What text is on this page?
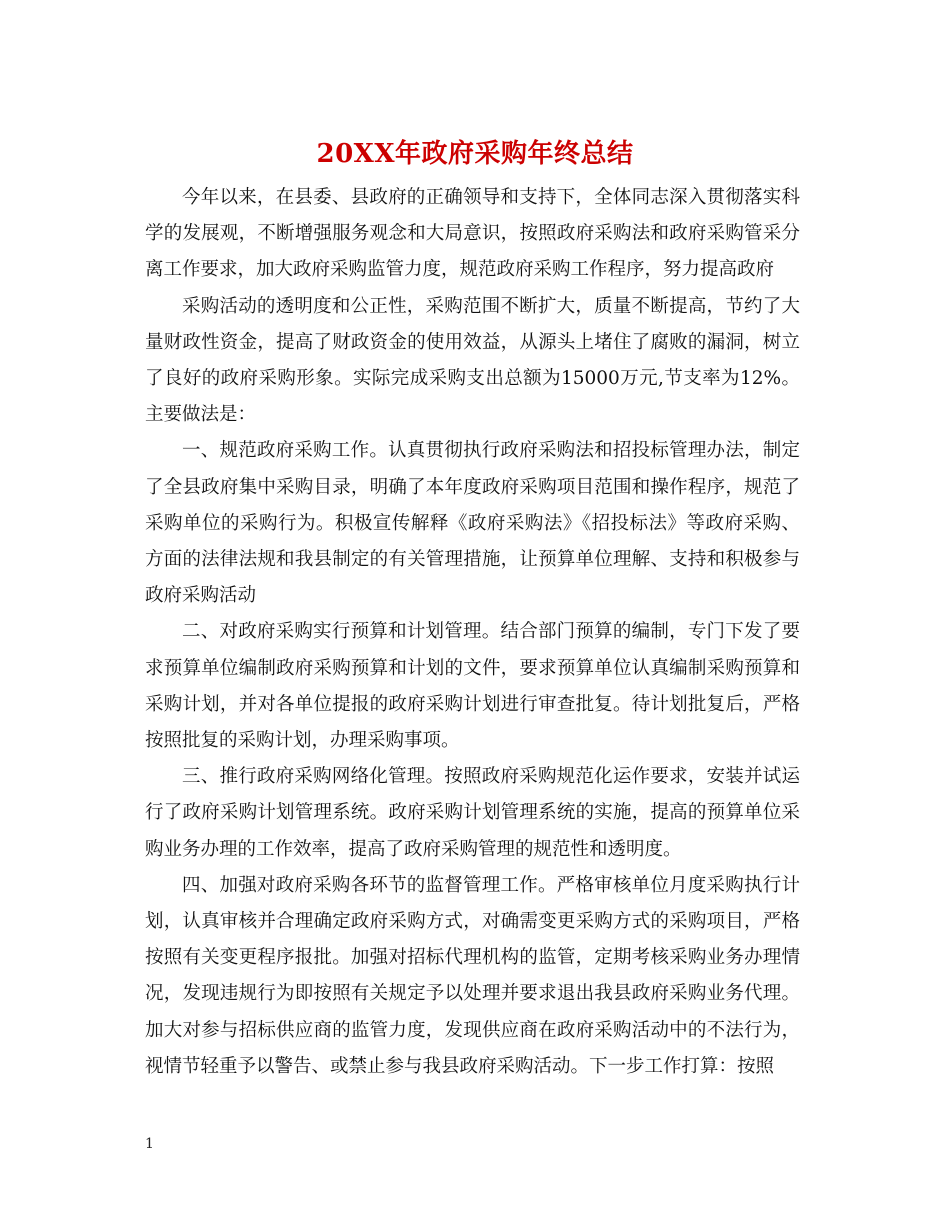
20XX年政府采购年终总结

今年以来，在县委、县政府的正确领导和支持下，全体同志深入贯彻落实科学的发展观，不断增强服务观念和大局意识，按照政府采购法和政府采购管采分离工作要求，加大政府采购监管力度，规范政府采购工作程序，努力提高政府

采购活动的透明度和公正性，采购范围不断扩大，质量不断提高，节约了大量财政性资金，提高了财政资金的使用效益，从源头上堵住了腐败的漏洞，树立了良好的政府采购形象。实际完成采购支出总额为15000万元,节支率为12%。主要做法是：

一、规范政府采购工作。认真贯彻执行政府采购法和招投标管理办法，制定了全县政府集中采购目录，明确了本年度政府采购项目范围和操作程序，规范了采购单位的采购行为。积极宣传解释《政府采购法》《招投标法》等政府采购、方面的法律法规和我县制定的有关管理措施，让预算单位理解、支持和积极参与政府采购活动

二、对政府采购实行预算和计划管理。结合部门预算的编制，专门下发了要求预算单位编制政府采购预算和计划的文件，要求预算单位认真编制采购预算和采购计划，并对各单位提报的政府采购计划进行审查批复。待计划批复后，严格按照批复的采购计划，办理采购事项。

三、推行政府采购网络化管理。按照政府采购规范化运作要求，安装并试运行了政府采购计划管理系统。政府采购计划管理系统的实施，提高的预算单位采购业务办理的工作效率，提高了政府采购管理的规范性和透明度。

四、加强对政府采购各环节的监督管理工作。严格审核单位月度采购执行计划，认真审核并合理确定政府采购方式，对确需变更采购方式的采购项目，严格按照有关变更程序报批。加强对招标代理机构的监管，定期考核采购业务办理情况，发现违规行为即按照有关规定予以处理并要求退出我县政府采购业务代理。加大对参与招标供应商的监管力度，发现供应商在政府采购活动中的不法行为，视情节轻重予以警告、或禁止参与我县政府采购活动。下一步工作打算：按照

1
